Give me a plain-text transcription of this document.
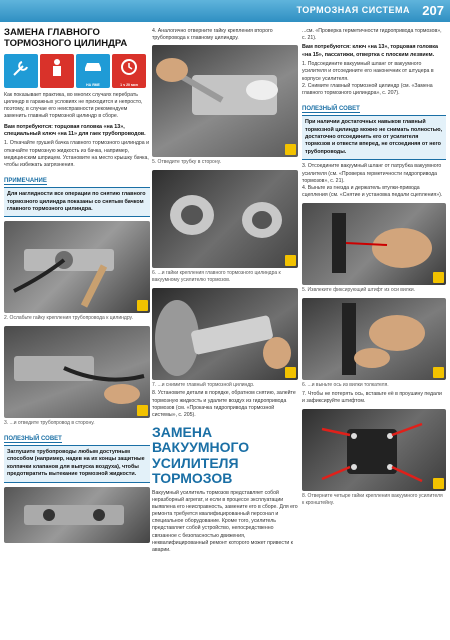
ТОРМОЗНАЯ СИСТЕМА 207
ЗАМЕНА ГЛАВНОГО
ТОРМОЗНОГО ЦИЛИНДРА
НА ЯМЕ	1 ч 20 мин

Как показывает практика, во многих случаях перебрать цилиндр в гаражных условиях не приходится и непросто, поэтому, в случае его неисправности рекомендуем заменить главный тормозной цилиндр в сборе.

Вам потребуются: торцовая головка «на 13», специальный ключ «на 11» для гаек трубопроводов.

1. Откачайте грушей бачка главного тормозного цилиндра и откачайте тормозную жидкость из бачка, например, медицинским шприцем. Установите на место крышку бачка, чтобы избежать загрязнения.

ПРИМЕЧАНИЕ

Для наглядности все операции по снятию главного тормозного цилиндра показаны со снятым бачком главного тормозного цилиндра.

2. Ослабьте гайку крепления трубопровода к цилиндру.

3. ...и отведите трубопровод в сторону.

ПОЛЕЗНЫЙ СОВЕТ

Заглушите трубопроводы любым доступным способом (например, надев на их концы защитные колпачки клапанов для выпуска воздуха), чтобы предотвратить вытекание тормозной жидкости.

4. Аналогично отверните гайку крепления второго трубопровода к главному цилиндру.

5. Отведите трубку в сторону.

6. ...и гайки крепления главного тормозного цилиндра к вакуумному усилителю тормозов.

7. ...и снимите главный тормозной цилиндр.

8. Установите детали в порядке, обратном снятию, залейте тормозную жидкость и удалите воздух из гидропривода тормозов (см. «Прокачка гидропривода тормозной системы», с. 205).

ЗАМЕНА
ВАКУУМНОГО
УСИЛИТЕЛЯ
ТОРМОЗОВ

Вакуумный усилитель тормозов представляет собой неразборный агрегат, и если в процессе эксплуатации выявлена его неисправность, замените его в сборе. Для его ремонта требуется квалифицированный персонал и специальное оборудование. Кроме того, усилитель представляет собой устройство, непосредственно связанное с безопасностью движения, неквалифицированный ремонт которого может привести к аварии.

...см. «Проверка герметичности гидропривода тормозов», с. 21).

Вам потребуются: ключ «на 13», торцовая головка «на 15», пассатижи, отвертка с плоским лезвием.

1. Подсоедините вакуумный шланг от вакуумного усилителя и отсоедините его наконечник от штуцера в корпусе усилителя.
2. Снимите главный тормозной цилиндр (см. «Замена главного тормозного цилиндра», с. 207).

ПОЛЕЗНЫЙ СОВЕТ

При наличии достаточных навыков главный тормозной цилиндр можно не снимать полностью, достаточно отсоединить его от усилителя тормозов и отвести вперед, не отсоединяя от него трубопроводы.

3. Отсоедините вакуумный шланг от патрубка вакуумного усилителя (см. «Проверка герметичности гидропривода тормозов», с. 21).
4. Выньте из гнезда и держатель втулки-привода сцепления (см. «Снятие и установка педали сцепления»).

5. Извлеките фиксирующий штифт из оси вилки.

6. ...и выньте ось из вилки толкателя.

7. Чтобы не потерять ось, вставьте её в проушину педали и зафиксируйте штифтом.

8. Отверните четыре гайки крепления вакуумного усилителя к кронштейну.
